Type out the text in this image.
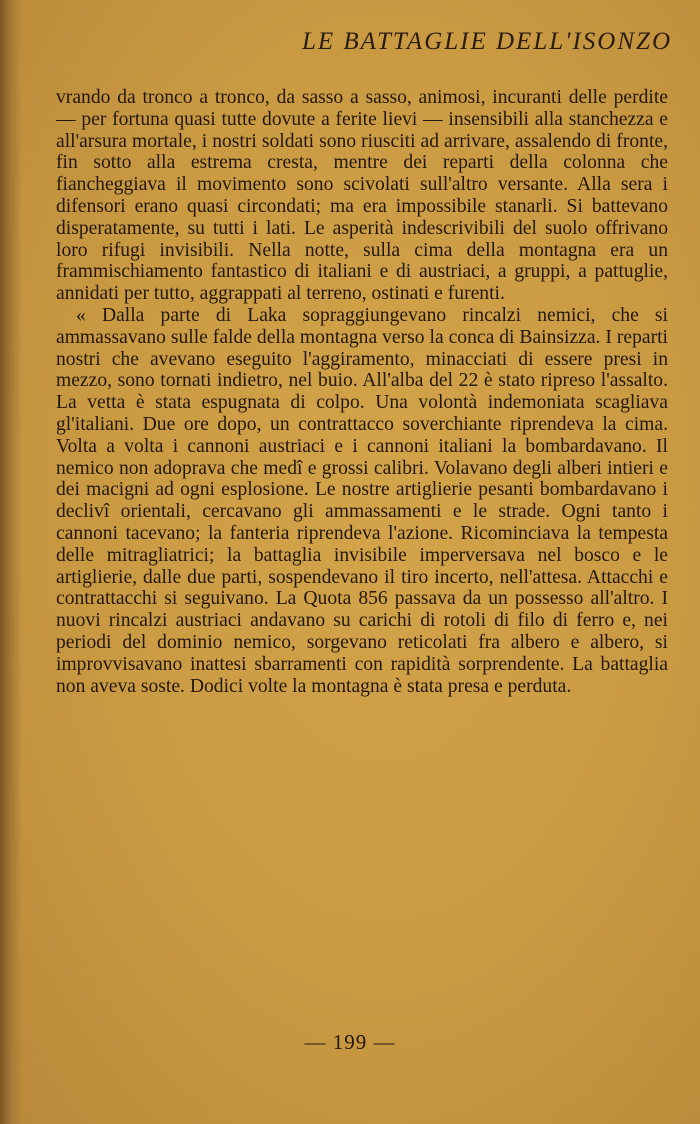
LE BATTAGLIE DELL'ISONZO

vrando da tronco a tronco, da sasso a sasso, animosi, incuranti delle perdite — per fortuna quasi tutte dovute a ferite lievi — insensibili alla stanchezza e all'arsura mortale, i nostri soldati sono riusciti ad arrivare, assalendo di fronte, fin sotto alla estrema cresta, mentre dei reparti della colonna che fiancheggiava il movimento sono scivolati sull'altro versante. Alla sera i difensori erano quasi circondati; ma era impossibile stanarli. Si battevano disperatamente, su tutti i lati. Le asperità indescrivibili del suolo offrivano loro rifugi invisibili. Nella notte, sulla cima della montagna era un frammischiamento fantastico di italiani e di austriaci, a gruppi, a pattuglie, annidati per tutto, aggrappati al terreno, ostinati e furenti.

« Dalla parte di Laka sopraggiungevano rincalzi nemici, che si ammassavano sulle falde della montagna verso la conca di Bainsizza. I reparti nostri che avevano eseguito l'aggiramento, minacciati di essere presi in mezzo, sono tornati indietro, nel buio. All'alba del 22 è stato ripreso l'assalto. La vetta è stata espugnata di colpo. Una volontà indemoniata scagliava gl'italiani. Due ore dopo, un contrattacco soverchiante riprendeva la cima. Volta a volta i cannoni austriaci e i cannoni italiani la bombardavano. Il nemico non adoprava che medî e grossi calibri. Volavano degli alberi intieri e dei macigni ad ogni esplosione. Le nostre artiglierie pesanti bombardavano i declivî orientali, cercavano gli ammassamenti e le strade. Ogni tanto i cannoni tacevano; la fanteria riprendeva l'azione. Ricominciava la tempesta delle mitragliatrici; la battaglia invisibile imperversava nel bosco e le artiglierie, dalle due parti, sospendevano il tiro incerto, nell'attesa. Attacchi e contrattacchi si seguivano. La Quota 856 passava da un possesso all'altro. I nuovi rincalzi austriaci andavano su carichi di rotoli di filo di ferro e, nei periodi del dominio nemico, sorgevano reticolati fra albero e albero, si improvvisavano inattesi sbarramenti con rapidità sorprendente. La battaglia non aveva soste. Dodici volte la montagna è stata presa e perduta.

— 199 —
